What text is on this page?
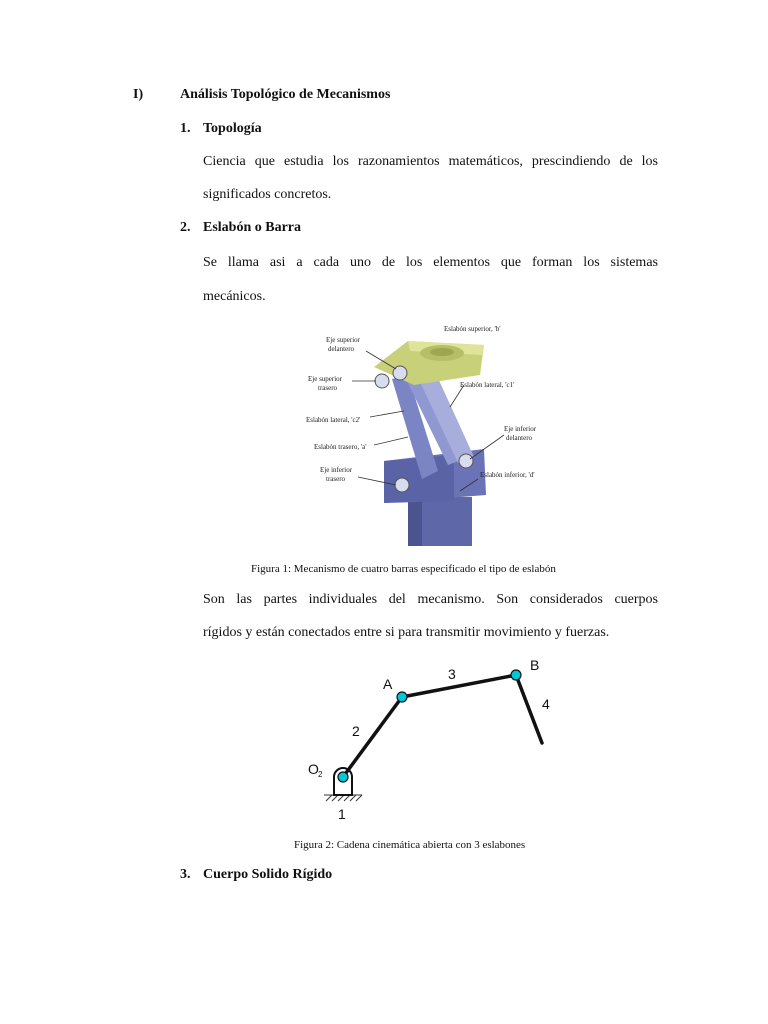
I)	Análisis Topológico de Mecanismos
1. Topología
Ciencia que estudia los razonamientos matemáticos, prescindiendo de los
significados concretos.
2. Eslabón o Barra
Se llama asi a cada uno de los elementos que forman los sistemas
mecánicos.
Eslabón superior, 'b'
Eje superior
delantero
Eje superior
trasero	Eslabón lateral, 'c1'
Eslabón lateral, 'c2'
Eslabón trasero, 'a'
Eje inferior
delantero
Eje inferior
trasero	Eslabón inferior, 'd'
Figura 1: Mecanismo de cuatro barras especificado el tipo de eslabón
Son las partes individuales del mecanismo. Son considerados cuerpos
rígidos y están conectados entre si para transmitir movimiento y fuerzas.
A
B
O 2
1
2
3
4
Figura 2: Cadena cinemática abierta con 3 eslabones
3. Cuerpo Solido Rígido
